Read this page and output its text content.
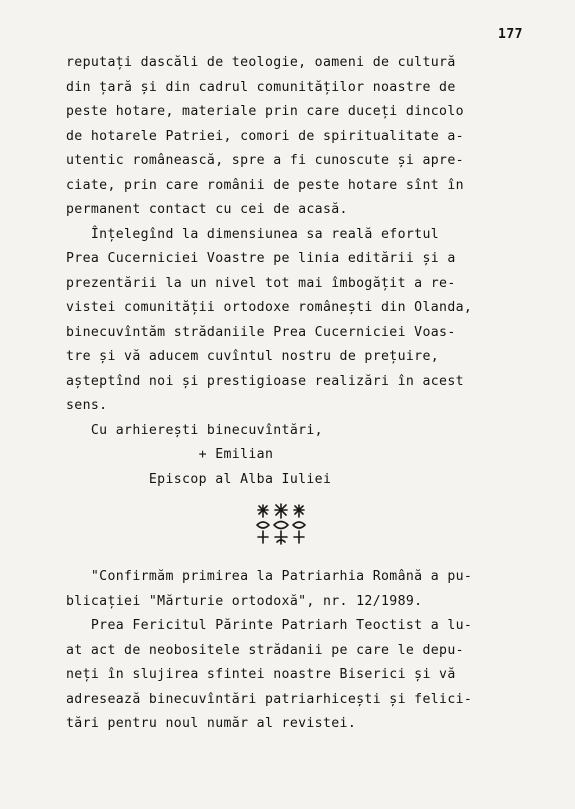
177
reputați dascăli de teologie, oameni de cultură
din țară și din cadrul comunităților noastre de
peste hotare, materiale prin care duceți dincolo
de hotarele Patriei, comori de spiritualitate a-
utentic românească, spre a fi cunoscute și apre-
ciate, prin care românii de peste hotare sînt în
permanent contact cu cei de acasă.
Înțelegînd la dimensiunea sa reală efortul
Prea Cucerniciei Voastre pe linia editării și a
prezentării la un nivel tot mai îmbogățit a re-
vistei comunității ortodoxe românești din Olanda,
binecuvîntăm strădaniile Prea Cucerniciei Voas-
tre și vă aducem cuvîntul nostru de prețuire,
așteptînd noi și prestigioase realizări în acest
sens.
Cu arhierești binecuvîntări,
+ Emilian
Episcop al Alba Iuliei
"Confirmăm primirea la Patriarhia Română a pu-
blicației "Mărturie ortodoxă", nr. 12/1989.
Prea Fericitul Părinte Patriarh Teoctist a lu-
at act de neobositele strădanii pe care le depu-
neți în slujirea sfintei noastre Biserici și vă
adresează binecuvîntări patriarhicești și felici-
tări pentru noul număr al revistei.
